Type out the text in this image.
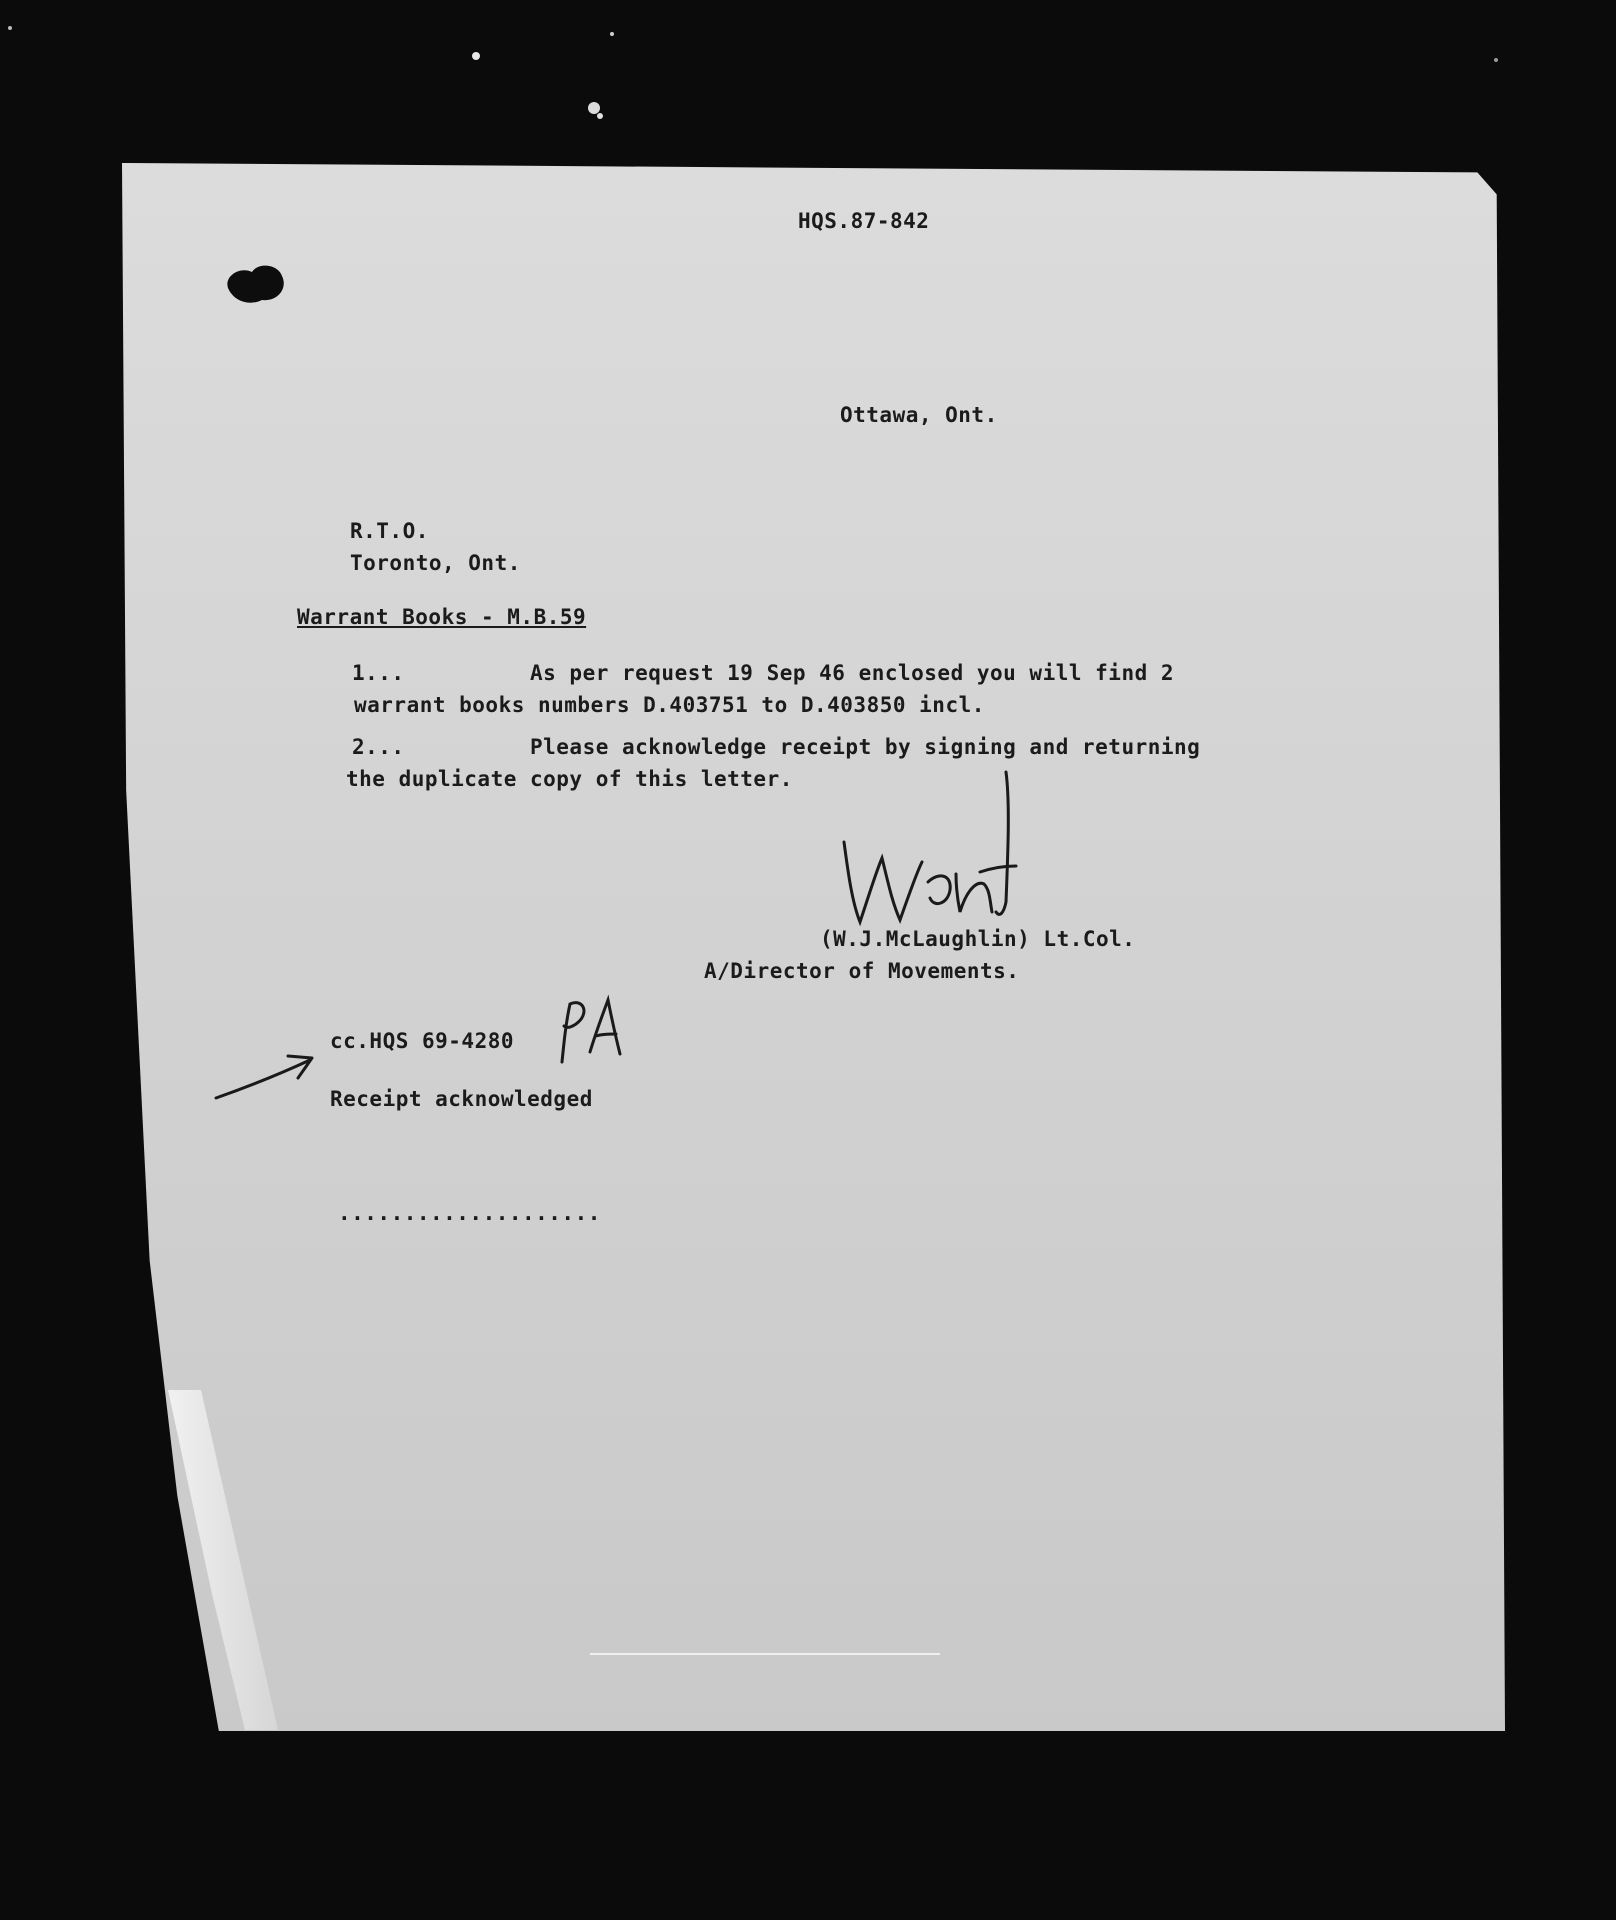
HQS.87-842
Ottawa, Ont.
R.T.O.
Toronto, Ont.
Warrant Books - M.B.59
1...	As per request 19 Sep 46 enclosed you will find 2
warrant books numbers D.403751 to D.403850 incl.
2...	Please acknowledge receipt by signing and returning
the duplicate copy of this letter.
(W.J.McLaughlin) Lt.Col.
A/Director of Movements.
cc.HQS 69-4280
Receipt acknowledged
....................
